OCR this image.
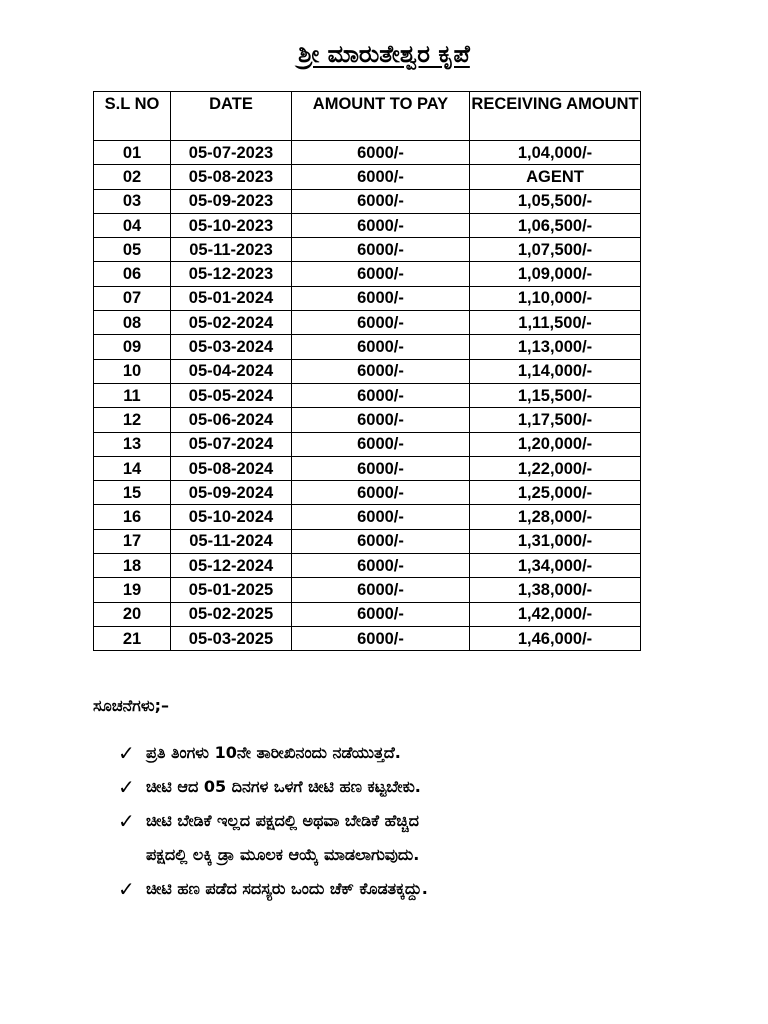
ಶ್ರೀ ಮಾರುತೇಶ್ವರ ಕೃಪೆ
S.L NO	DATE	AMOUNT TO PAY	RECEIVING AMOUNT
01	05-07-2023	6000/-	1,04,000/-
02	05-08-2023	6000/-	AGENT
03	05-09-2023	6000/-	1,05,500/-
04	05-10-2023	6000/-	1,06,500/-
05	05-11-2023	6000/-	1,07,500/-
06	05-12-2023	6000/-	1,09,000/-
07	05-01-2024	6000/-	1,10,000/-
08	05-02-2024	6000/-	1,11,500/-
09	05-03-2024	6000/-	1,13,000/-
10	05-04-2024	6000/-	1,14,000/-
11	05-05-2024	6000/-	1,15,500/-
12	05-06-2024	6000/-	1,17,500/-
13	05-07-2024	6000/-	1,20,000/-
14	05-08-2024	6000/-	1,22,000/-
15	05-09-2024	6000/-	1,25,000/-
16	05-10-2024	6000/-	1,28,000/-
17	05-11-2024	6000/-	1,31,000/-
18	05-12-2024	6000/-	1,34,000/-
19	05-01-2025	6000/-	1,38,000/-
20	05-02-2025	6000/-	1,42,000/-
21	05-03-2025	6000/-	1,46,000/-
ಸೂಚನೆಗಳು;–
✓ ಪ್ರತಿ ತಿಂಗಳು 10ನೇ ತಾರೀಖಿನಂದು ನಡೆಯುತ್ತದೆ.
✓ ಚೀಟಿ ಆದ 05 ದಿನಗಳ ಒಳಗೆ ಚೀಟಿ ಹಣ ಕಟ್ಟಬೇಕು.
✓ ಚೀಟಿ ಬೇಡಿಕೆ ಇಲ್ಲದ ಪಕ್ಷದಲ್ಲಿ ಅಥವಾ ಬೇಡಿಕೆ ಹೆಚ್ಚಿದ
ಪಕ್ಷದಲ್ಲಿ ಲಕ್ಕಿ ಡ್ರಾ ಮೂಲಕ ಆಯ್ಕೆ ಮಾಡಲಾಗುವುದು.
✓ ಚೀಟಿ ಹಣ ಪಡೆದ ಸದಸ್ಯರು ಒಂದು ಚೆಕ್ ಕೊಡತಕ್ಕದ್ದು.
